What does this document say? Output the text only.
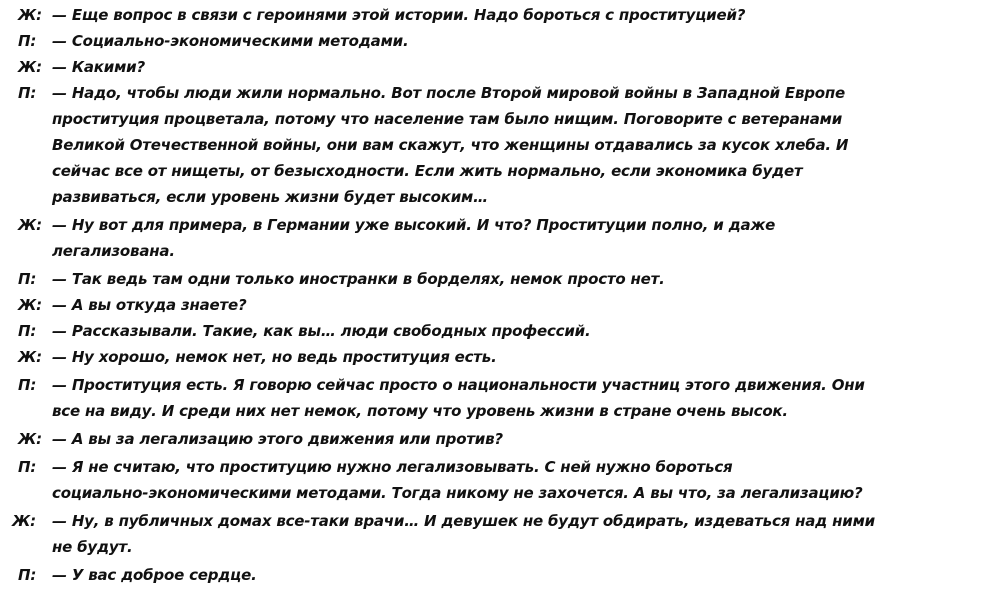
Ж: — Еще вопрос в связи с героинями этой истории. Надо бороться с проституцией?
П: — Социально-экономическими методами.
Ж: — Какими?
П: — Надо, чтобы люди жили нормально. Вот после Второй мировой войны в Западной Европе
проституция процветала, потому что население там было нищим. Поговорите с ветеранами
Великой Отечественной войны, они вам скажут, что женщины отдавались за кусок хлеба. И
сейчас все от нищеты, от безысходности. Если жить нормально, если экономика будет
развиваться, если уровень жизни будет высоким…
Ж: — Ну вот для примера, в Германии уже высокий. И что? Проституции полно, и даже
легализована.
П: — Так ведь там одни только иностранки в борделях, немок просто нет.
Ж: — А вы откуда знаете?
П: — Рассказывали. Такие, как вы… люди свободных профессий.
Ж: — Ну хорошо, немок нет, но ведь проституция есть.
П: — Проституция есть. Я говорю сейчас просто о национальности участниц этого движения. Они
все на виду. И среди них нет немок, потому что уровень жизни в стране очень высок.
Ж: — А вы за легализацию этого движения или против?
П: — Я не считаю, что проституцию нужно легализовывать. С ней нужно бороться
социально-экономическими методами. Тогда никому не захочется. А вы что, за легализацию?
Ж: — Ну, в публичных домах все-таки врачи… И девушек не будут обдирать, издеваться над ними
не будут.
П: — У вас доброе сердце.
